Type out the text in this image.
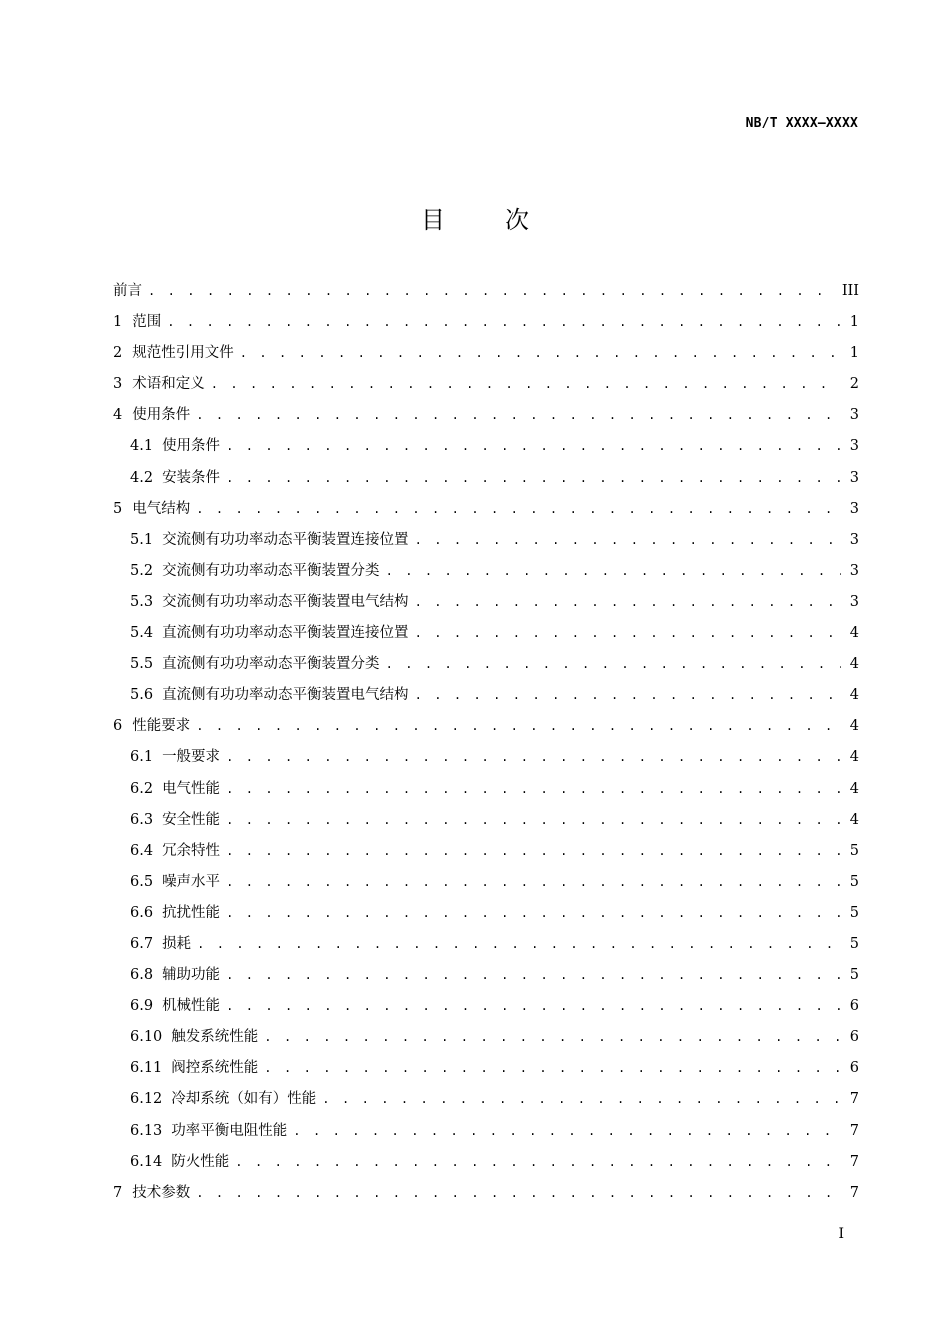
NB/T XXXX—XXXX
目	次
前言 . . .	III
1 范围 . . .	1
2 规范性引用文件 . . .	1
3 术语和定义 . . .	2
4 使用条件 . . .	3
4.1 使用条件 . . .	3
4.2 安装条件 . . .	3
5 电气结构 . . .	3
5.1 交流侧有功功率动态平衡装置连接位置 . . .	3
5.2 交流侧有功功率动态平衡装置分类 . . .	3
5.3 交流侧有功功率动态平衡装置电气结构 . . .	3
5.4 直流侧有功功率动态平衡装置连接位置 . . .	4
5.5 直流侧有功功率动态平衡装置分类 . . .	4
5.6 直流侧有功功率动态平衡装置电气结构 . . .	4
6 性能要求 . . .	4
6.1 一般要求 . . .	4
6.2 电气性能 . . .	4
6.3 安全性能 . . .	4
6.4 冗余特性 . . .	5
6.5 噪声水平 . . .	5
6.6 抗扰性能 . . .	5
6.7 损耗 . . .	5
6.8 辅助功能 . . .	5
6.9 机械性能 . . .	6
6.10 触发系统性能 . . .	6
6.11 阀控系统性能 . . .	6
6.12 冷却系统（如有）性能 . . .	7
6.13 功率平衡电阻性能 . . .	7
6.14 防火性能 . . .	7
7 技术参数 . . .	7
I
